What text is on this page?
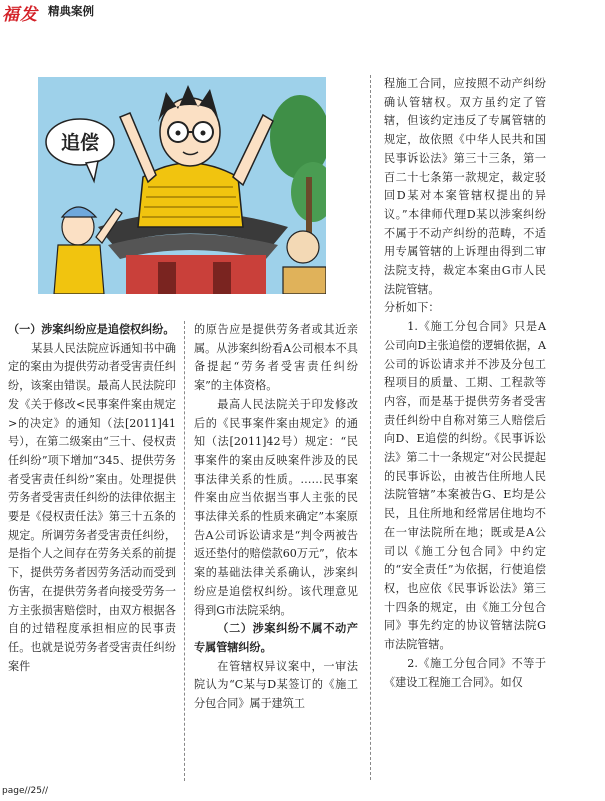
福发 精典案例
追偿

（一）涉案纠纷应是追偿权纠纷。

某县人民法院应诉通知书中确定的案由为提供劳动者受害责任纠纷，该案由错误。最高人民法院印发《关于修改<民事案件案由规定>的决定》的通知（法[2011]41号），在第二级案由“三十、侵权责任纠纷”项下增加“345、提供劳务者受害责任纠纷”案由。处理提供劳务者受害责任纠纷的法律依据主要是《侵权责任法》第三十五条的规定。所调劳务者受害责任纠纷，是指个人之间存在劳务关系的前提下，提供劳务者因劳务活动而受到伤害，在提供劳务者向接受劳务一方主张损害赔偿时，由双方根据各自的过错程度承担相应的民事责任。也就是说劳务者受害责任纠纷案件

的原告应是提供劳务者或其近亲属。从涉案纠纷看A公司根本不具备提起“劳务者受害责任纠纷案”的主体资格。

最高人民法院关于印发修改后的《民事案件案由规定》的通知（法[2011]42号）规定：“民事案件的案由反映案件涉及的民事法律关系的性质。……民事案件案由应当依据当事人主张的民事法律关系的性质来确定”本案原告A公司诉讼请求是“判令两被告返还垫付的赔偿款60万元”，依本案的基础法律关系确认，涉案纠纷应是追偿权纠纷。该代理意见得到G市法院采纳。

（二）涉案纠纷不属不动产专属管辖纠纷。

在管辖权异议案中，一审法院认为“C某与D某签订的《施工分包合同》属于建筑工

程施工合同，应按照不动产纠纷确认管辖权。双方虽约定了管辖，但该约定违反了专属管辖的规定，故依照《中华人民共和国民事诉讼法》第三十三条，第一百二十七条第一款规定，裁定驳回D某对本案管辖权提出的异议。”本律师代理D某以涉案纠纷不属于不动产纠纷的范畴，不适用专属管辖的上诉理由得到二审法院支持，裁定本案由G市人民法院管辖。

分析如下：

1.《施工分包合同》只是A公司向D主张追偿的逻辑依据，A公司的诉讼请求并不涉及分包工程项目的质量、工期、工程款等内容，而是基于提供劳务者受害责任纠纷中自称对第三人赔偿后向D、E追偿的纠纷。《民事诉讼法》第二十一条规定“对公民提起的民事诉讼，由被告住所地人民法院管辖”本案被告G、E均是公民，且住所地和经常居住地均不在一审法院所在地；既或是A公司以《施工分包合同》中约定的“安全责任”为依据，行使追偿权，也应依《民事诉讼法》第三十四条的规定，由《施工分包合同》事先约定的协议管辖法院G市法院管辖。

2.《施工分包合同》不等于《建设工程施工合同》。如仅

page//25//
